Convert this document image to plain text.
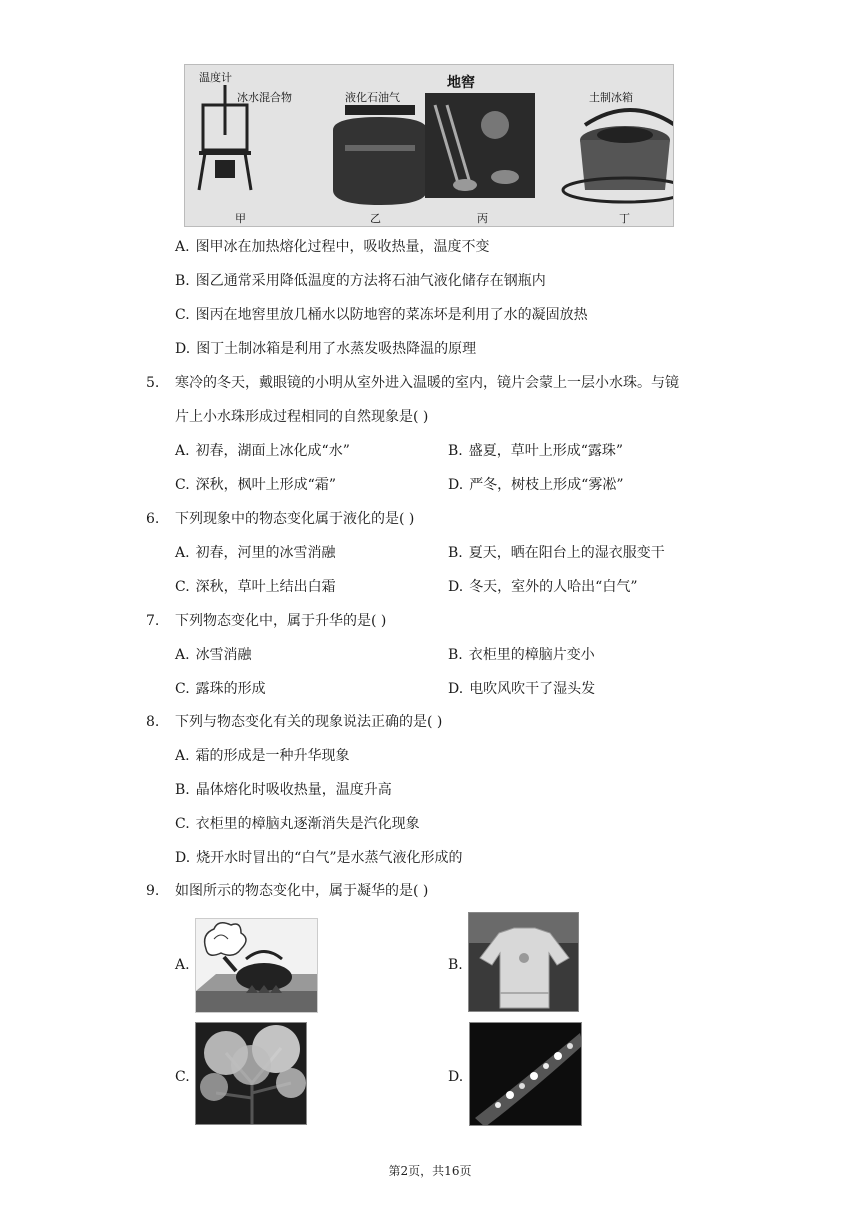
温度计
冰水混合物	液化石油气
地窖
土制冰箱
甲	乙	丙	丁
A. 图甲冰在加热熔化过程中，吸收热量，温度不变
B. 图乙通常采用降低温度的方法将石油气液化储存在钢瓶内
C. 图丙在地窖里放几桶水以防地窖的菜冻坏是利用了水的凝固放热
D. 图丁土制冰箱是利用了水蒸发吸热降温的原理
5. 寒冷的冬天，戴眼镜的小明从室外进入温暖的室内，镜片会蒙上一层小水珠。与镜
片上小水珠形成过程相同的自然现象是( )
A. 初春，湖面上冰化成“水”	B. 盛夏，草叶上形成“露珠”
C. 深秋，枫叶上形成“霜”	D. 严冬，树枝上形成“雾凇”
6. 下列现象中的物态变化属于液化的是( )
A. 初春，河里的冰雪消融	B. 夏天，晒在阳台上的湿衣服变干
C. 深秋，草叶上结出白霜	D. 冬天，室外的人哈出“白气”
7. 下列物态变化中，属于升华的是( )
A. 冰雪消融	B. 衣柜里的樟脑片变小
C. 露珠的形成	D. 电吹风吹干了湿头发
8. 下列与物态变化有关的现象说法正确的是( )
A. 霜的形成是一种升华现象
B. 晶体熔化时吸收热量，温度升高
C. 衣柜里的樟脑丸逐渐消失是汽化现象
D. 烧开水时冒出的“白气”是水蒸气液化形成的
9. 如图所示的物态变化中，属于凝华的是( )
A.	B.
C.	D.
第2页，共16页
